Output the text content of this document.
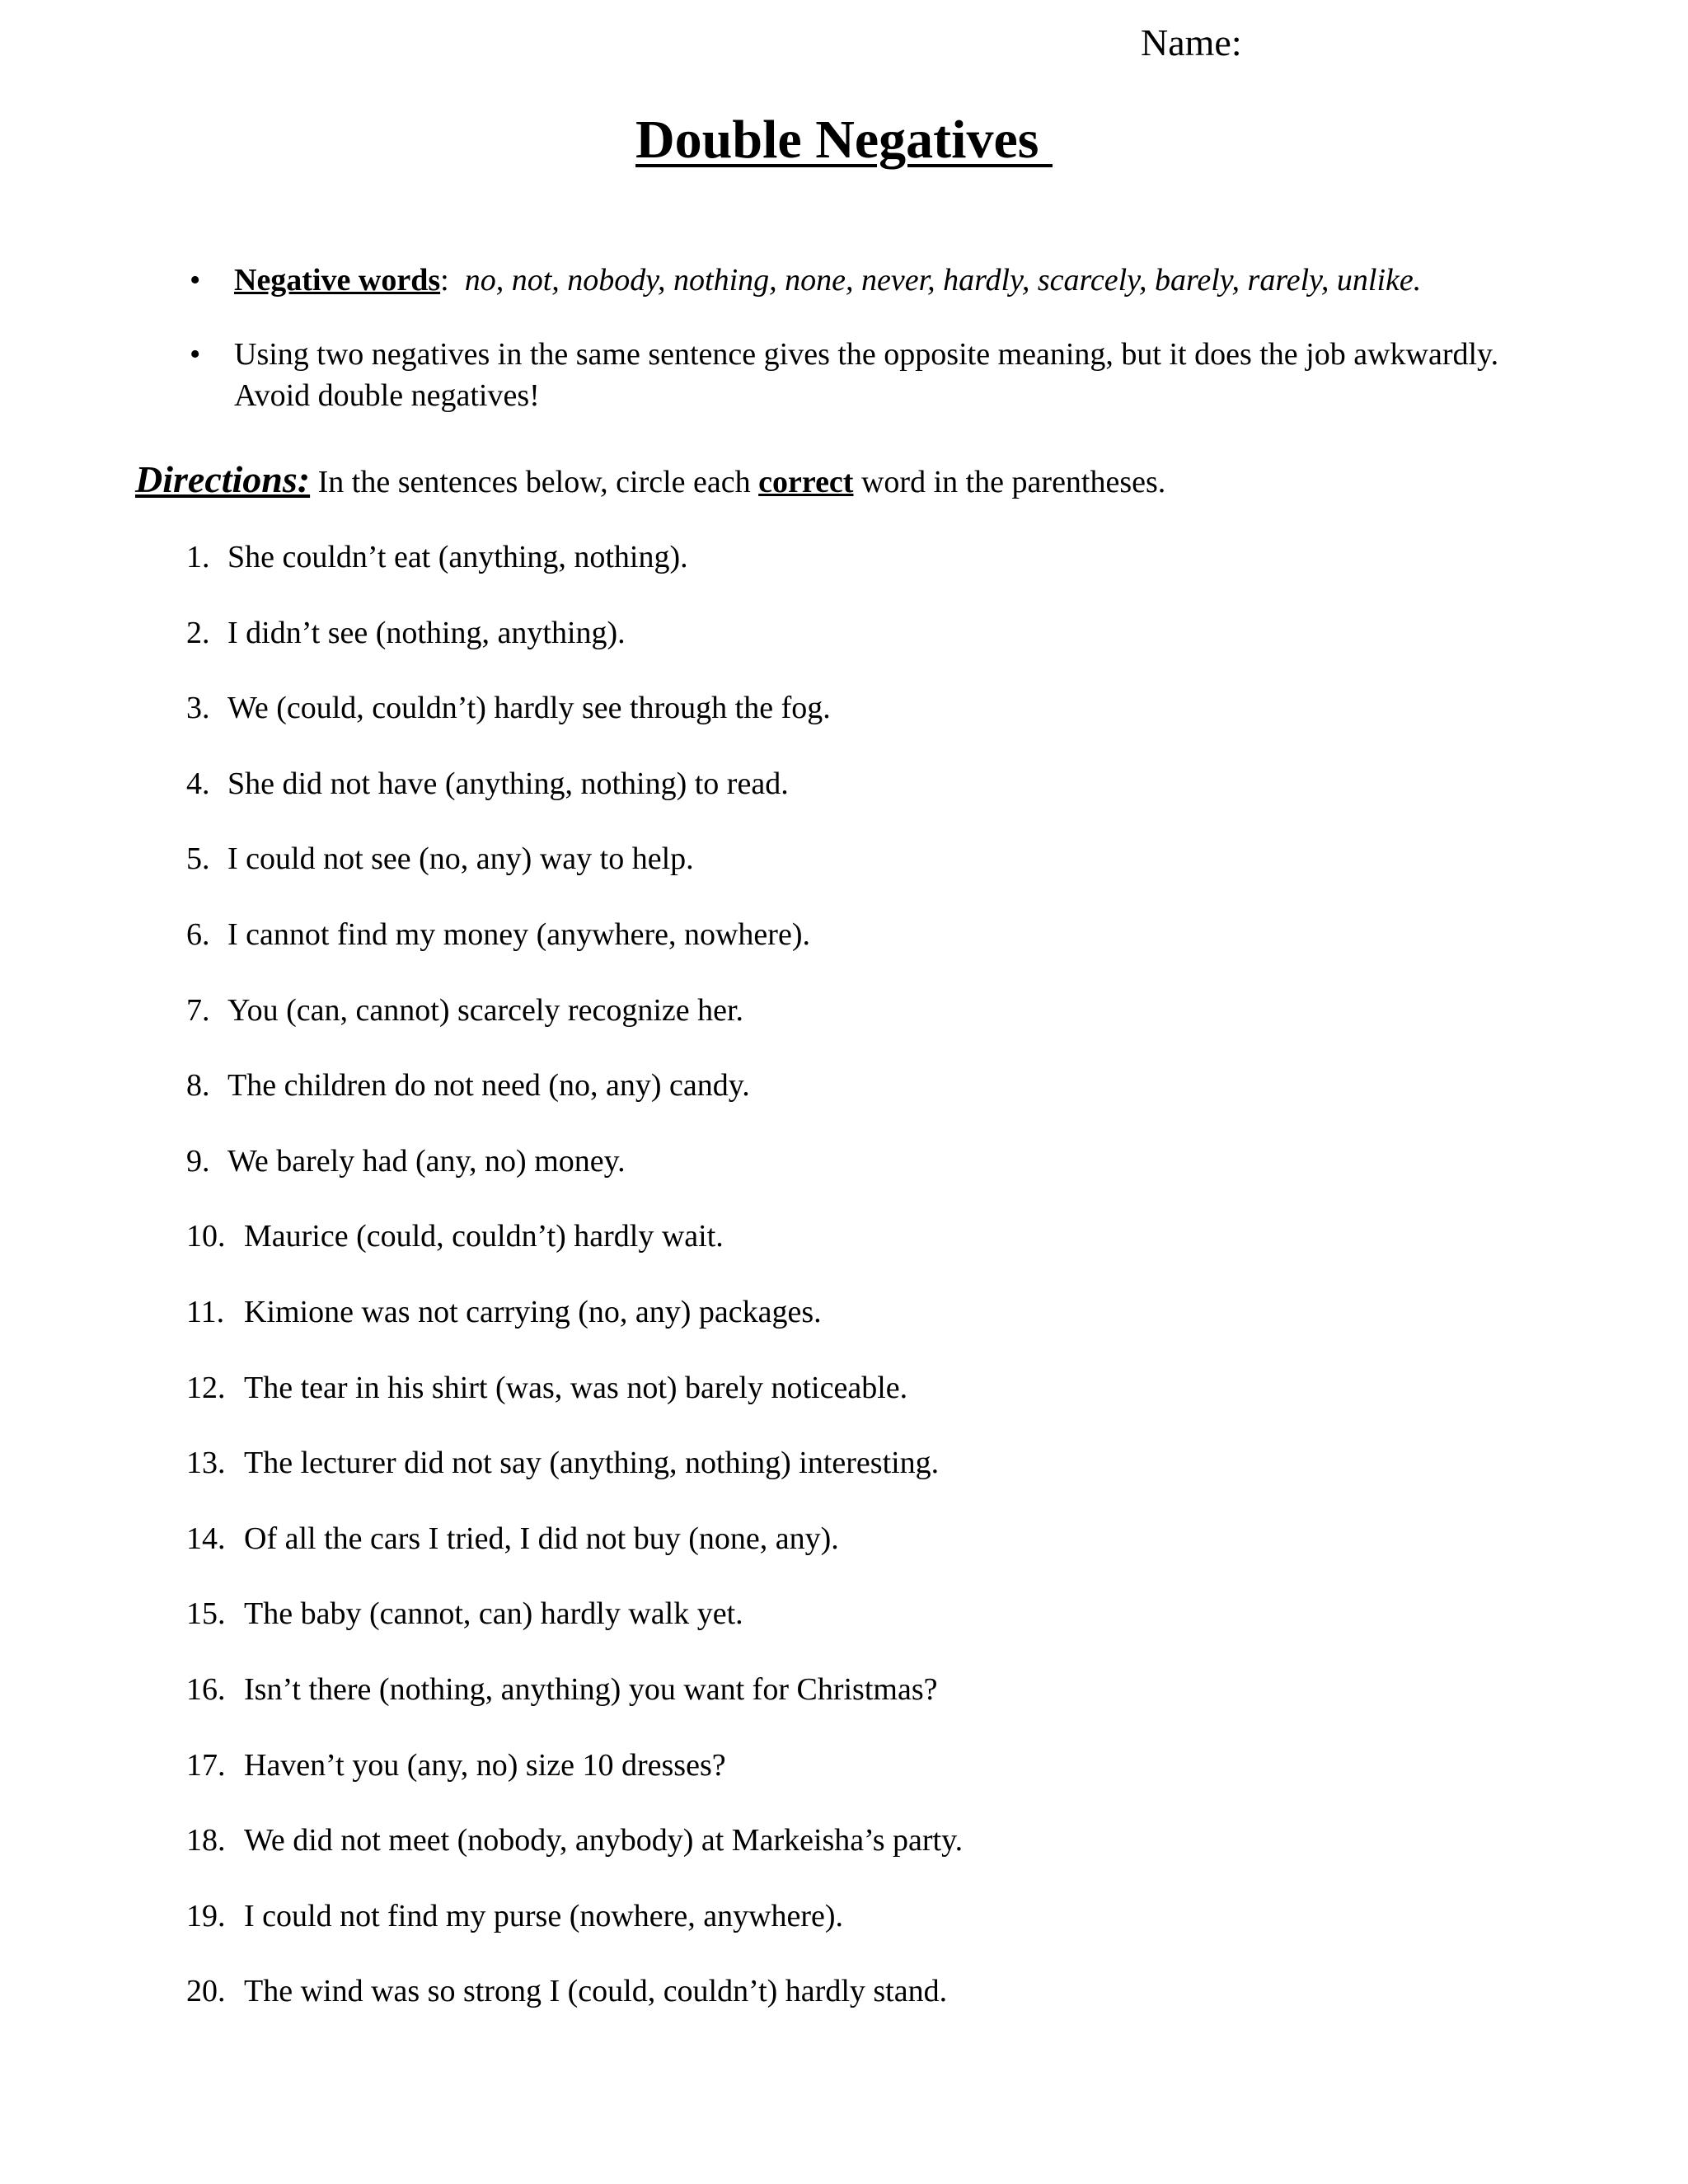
Name:
Double Negatives
• Negative words: no, not, nobody, nothing, none, never, hardly, scarcely, barely, rarely, unlike.
• Using two negatives in the same sentence gives the opposite meaning, but it does the job awkwardly.
Avoid double negatives!
Directions: In the sentences below, circle each correct word in the parentheses.
1. She couldn’t eat (anything, nothing).
2. I didn’t see (nothing, anything).
3. We (could, couldn’t) hardly see through the fog.
4. She did not have (anything, nothing) to read.
5. I could not see (no, any) way to help.
6. I cannot find my money (anywhere, nowhere).
7. You (can, cannot) scarcely recognize her.
8. The children do not need (no, any) candy.
9. We barely had (any, no) money.
10. Maurice (could, couldn’t) hardly wait.
11. Kimione was not carrying (no, any) packages.
12. The tear in his shirt (was, was not) barely noticeable.
13. The lecturer did not say (anything, nothing) interesting.
14. Of all the cars I tried, I did not buy (none, any).
15. The baby (cannot, can) hardly walk yet.
16. Isn’t there (nothing, anything) you want for Christmas?
17. Haven’t you (any, no) size 10 dresses?
18. We did not meet (nobody, anybody) at Markeisha’s party.
19. I could not find my purse (nowhere, anywhere).
20. The wind was so strong I (could, couldn’t) hardly stand.
